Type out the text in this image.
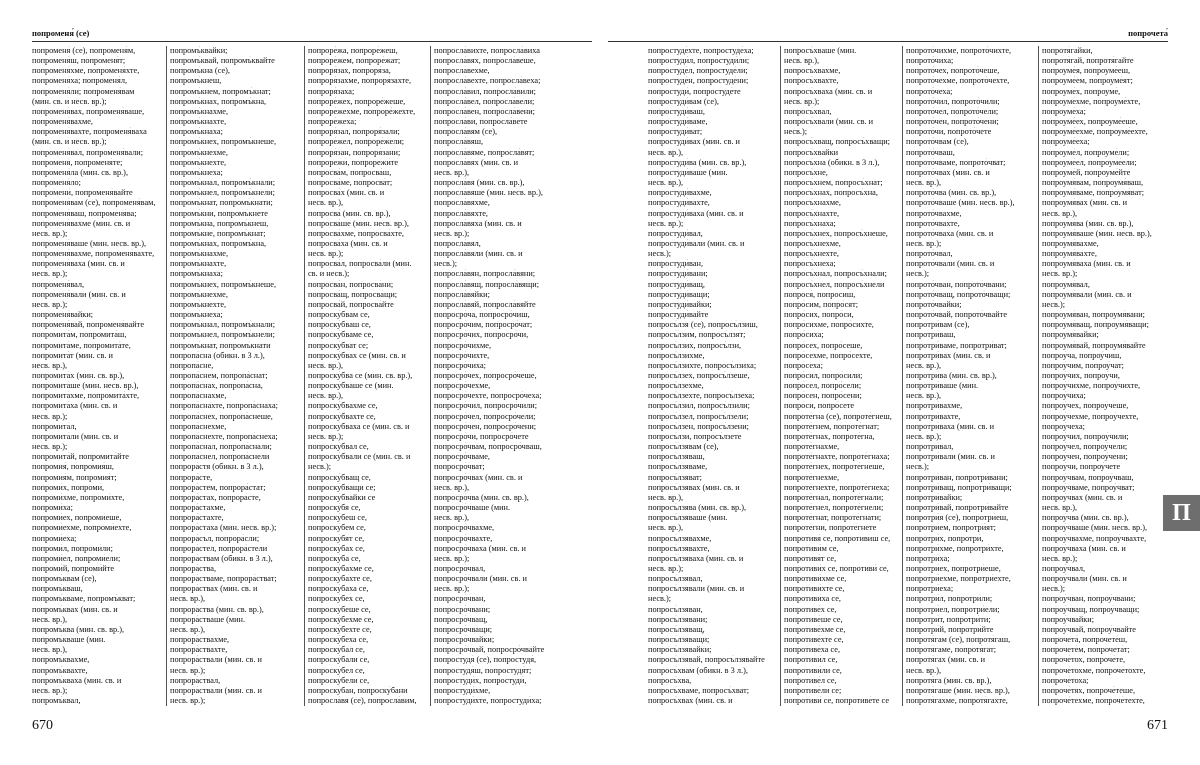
попроменя́ (се)
попроменя́ (се), попроменя́м,
попроменя́ш, попроменя́т;
попроменя́хме, попроменя́хте,
попроменя́ха; попроменя́л,
попроменя́ли; попроменя́вам
(мин. св. и несв. вр.);
попроменя́вах, попроменя́ваше,
попроменя́вахме,
попроменя́вахте, попроменя́ваха
(мин. св. и несв. вр.);
попроменя́вал, попроменя́вали;
попроменя́, попроменя́те;
попроменя́ла (мин. св. вр.),
попроменя́ло;
попромени́, попроменя́вайте
попроменя́вам (се), попроменя́вам,
попроменя́ваш, попроменя́ва;
попроменя́вахме (мин. св. и
несв. вр.);
попроменя́ваше (мин. несв. вр.),
попроменя́вахме, попроменя́вахте,
попроменя́ваха (мин. св. и
несв. вр.);
попроменя́вал,
попроменя́вали (мин. св. и
несв. вр.);
попроменя́вайки;
попроменя́вай, попроменя́вайте
попромита́м, попромита́ш,
попромита́ме, попромита́те,
попромита́т (мин. св. и
несв. вр.),
попромита́х (мин. св. вр.),
попромита́ше (мин. несв. вр.),
попромита́хме, попромита́хте,
попромита́ха (мин. св. и
несв. вр.);
попромита́л,
попромита́ли (мин. св. и
несв. вр.);
попромита́й, попромита́йте
попромия́, попромия́ш,
попромия́м, попромия́т;
попроми́х, попроми́,
попроми́хме, попроми́хте,
попроми́ха;
попроми́ех, попроми́еше,
попроми́ехме, попроми́ехте,
попроми́еха;
попроми́л, попроми́ли;
попроми́ел, попроми́ели;
попроми́й, попроми́йте
попромъ́квам (се),
попромъ́кваш,
попромъ́кваме, попромъ́кват;
попромъ́квах (мин. св. и
несв. вр.),
попромъ́ква (мин. св. вр.),
попромъ́кваше (мин.
несв. вр.),
попромъ́квахме,
попромъ́квахте,
попромъ́кваха (мин. св. и
несв. вр.);
попромъ́квал,
попромъ́квайки;
попромъ́квай, попромъ́квайте
попромъ́кна (се),
попромъ́кнеш,
попромъ́кнем, попромъ́кнат;
попромъ́кнах, попромъ́кна,
попромъ́кнахме,
попромъ́кнахте,
попромъ́кнаха;
попромъ́кнех, попромъ́кнеше,
попромъ́кнехме,
попромъ́кнехте,
попромъ́кнеха;
попромъ́кнал, попромъ́кнали;
попромъ́кнел, попромъ́кнели;
попромъ́кнат, попромъ́кнати;
попромъ́кни, попромъ́кнете
попромъ́кна, попромъ́кнеш,
попромъ́кне, попромъ́кнат;
попромъ́кнах, попромъ́кна,
попромъ́кнахме,
попромъ́кнахте,
попромъ́кнаха;
попромъ́кнех, попромъ́кнеше,
попромъ́кнехме,
попромъ́кнехте,
попромъ́кнеха;
попромъ́кнал, попромъ́кнали;
попромъ́кнел, попромъ́кнели;
попромъ́кнат, попромъ́кнати
попропа́сна (обикн. в 3 л.),
попропа́сне,
попропа́снем, попропа́снат;
попропа́снах, попропа́сна,
попропа́снахме,
попропа́снахте, попропа́снаха;
попропа́снех, попропа́снеше,
попропа́снехме,
попропа́снехте, попропа́снеха;
попропа́снал, попропа́снали;
попропа́снел, попропа́снели
попрора́стя (обикн. в 3 л.),
попрора́сте,
попрора́стем, попрора́стат;
попрора́стах, попрора́сте,
попрора́стахме,
попрора́стахте,
попрора́стаха (мин. несв. вр.);
попрора́съл, попрора́сли;
попрора́стел, попрора́стели
попрора́ствам (обикн. в 3 л.),
попрора́ства,
попрора́стваме, попрора́стват;
попрора́ствах (мин. св. и
несв. вр.),
попрора́ства (мин. св. вр.),
попрора́стваше (мин.
несв. вр.),
попрора́ствахме,
попрора́ствахте,
попрора́ствали (мин. св. и
несв. вр.);
попрора́ствал,
попрора́ствали (мин. св. и
несв. вр.);
попроре́жа, попроре́жеш,
попроре́жем, попроре́жат;
попроря́зах, попроря́за,
попроря́захме, попроря́захте,
попроря́заха;
попроре́жех, попроре́жеше,
попроре́жехме, попроре́жехте,
попроре́жеха;
попроря́зал, попроря́зали;
попроре́жел, попроре́жели;
попроря́зан, попроря́зани;
попрорежи́, попрорежи́те
попросва́м, попросва́ш,
попросва́ме, попросва́т;
попросва́х (мин. св. и
несв. вр.),
попросва́ (мин. св. вр.),
попросва́ше (мин. несв. вр.),
попросва́хме, попросва́хте,
попросва́ха (мин. св. и
несв. вр.);
попросва́л, попросва́ли (мин.
св. и несв.);
попросва́н, попросва́ни;
попросва́щ, попросва́щи;
попросва́й, попросва́йте
попроску́бвам се,
попроску́бваш се,
попроску́бваме се,
попроску́бват се;
попроску́бвах се (мин. св. и
несв. вр.),
попроску́бва се (мин. св. вр.),
попроску́бваше се (мин.
несв. вр.),
попроску́бвахме се,
попроску́бвахте се,
попроску́бваха се (мин. св. и
несв. вр.);
попроску́бвал се,
попроску́бвали се (мин. св. и
несв.);
попроску́бващ се,
попроску́бващи се;
попроску́бвайки се
попроску́бя се,
попроску́беш се,
попроску́бем се,
попроску́бят се,
попроску́бах се,
попроску́ба се,
попроску́бахме се,
попроску́бахте се,
попроску́баха се,
попроску́бех се,
попроску́беше се,
попроску́бехме се,
попроску́бехте се,
попроску́беха се,
попроску́бал се,
попроску́бали се,
попроску́бел се,
попроску́бели се,
попроску́бан, попроску́бани
попросла́вя (се), попросла́вим,
попросла́вихте, попросла́виха
попросла́вях, попросла́веше,
попросла́вехме,
попросла́вехте, попросла́веха;
попросла́вил, попросла́вили;
попросла́вел, попросла́вели;
попросла́вен, попросла́вени;
попросла́ви, попросла́вете
попросла́вям (се),
попросла́вяш,
попросла́вяме, попросла́вят;
попросла́вях (мин. св. и
несв. вр.),
попросла́вя (мин. св. вр.),
попросла́вяше (мин. несв. вр.),
попросла́вяхме,
попросла́вяхте,
попросла́вяха (мин. св. и
несв. вр.);
попросла́вял,
попросла́вяли (мин. св. и
несв.);
попросла́вян, попросла́вяни;
попросла́вящ, попросла́вящи;
попросла́вяйки;
попросла́вяй, попросла́вяйте
попросро́ча, попросро́чиш,
попросро́чим, попросро́чат;
попросро́чих, попросро́чи,
попросро́чихме,
попросро́чихте,
попросро́чиха;
попросро́чех, попросро́чеше,
попросро́чехме,
попросро́чехте, попросро́чеха;
попросро́чил, попросро́чили;
попросро́чел, попросро́чели;
попросро́чен, попросро́чени;
попросро́чи, попросро́чете
попросро́чвам, попросро́чваш,
попросро́чваме,
попросро́чват;
попросро́чвах (мин. св. и
несв. вр.),
попросро́чва (мин. св. вр.),
попросро́чваше (мин.
несв. вр.),
попросро́чвахме,
попросро́чвахте,
попросро́чваха (мин. св. и
несв. вр.);
попросро́чвал,
попросро́чвали (мин. св. и
несв. вр.);
попросро́чван,
попросро́чвани;
попросро́чващ,
попросро́чващи;
попросро́чвайки;
попросро́чвай, попросро́чвайте
попростудя́ (се), попростудя́,
попростудя́ш, попростудя́т;
попростуди́х, попростуди́,
попростуди́хме,
попростуди́хте, попростуди́ха;
670
попрочета́
попростуде́хте, попростуде́ха;
попростуди́л, попростуди́ли;
попростуде́л, попростуде́ли;
попростуде́н, попростуде́ни;
попростуди́, попростуде́те
попростуди́вам (се),
попростуди́ваш,
попростуди́ваме,
попростуди́ват;
попростуди́вах (мин. св. и
несв. вр.),
попростуди́ва (мин. св. вр.),
попростуди́ваше (мин.
несв. вр.),
попростуди́вахме,
попростуди́вахте,
попростуди́ваха (мин. св. и
несв. вр.);
попростуди́вал,
попростуди́вали (мин. св. и
несв.);
попростуди́ван,
попростуди́вани;
попростуди́ващ,
попростуди́ващи;
попростуди́вайки;
попростуди́вайте
попросъ́лзя (се), попросъ́лзиш,
попросъ́лзим, попросъ́лзят;
попросъ́лзих, попросъ́лзи,
попросъ́лзихме,
попросъ́лзихте, попросъ́лзиха;
попросъ́лзех, попросъ́лзеше,
попросъ́лзехме,
попросъ́лзехте, попросъ́лзеха;
попросъ́лзил, попросъ́лзили;
попросъ́лзел, попросъ́лзели;
попросъ́лзен, попросъ́лзени;
попросъ́лзи, попросъ́лзете
попросъ́лзявам (се),
попросъ́лзяваш,
попросъ́лзяваме,
попросъ́лзяват;
попросъ́лзявах (мин. св. и
несв. вр.),
попросъ́лзява (мин. св. вр.),
попросъ́лзяваше (мин.
несв. вр.),
попросъ́лзявахме,
попросъ́лзявахте,
попросъ́лзяваха (мин. св. и
несв. вр.);
попросъ́лзявал,
попросъ́лзявали (мин. св. и
несв.);
попросъ́лзяван,
попросъ́лзявани;
попросъ́лзяващ,
попросъ́лзяващи;
попросъ́лзявайки;
попросъ́лзявай, попросъ́лзявайте
попросъ́хвам (обикн. в 3 л.),
попросъ́хва,
попросъ́хваме, попросъ́хват;
попросъ́хвах (мин. св. и
попросъ́хваше (мин.
несв. вр.),
попросъ́хвахме,
попросъ́хвахте,
попросъ́хваха (мин. св. и
несв. вр.);
попросъ́хвал,
попросъ́хвали (мин. св. и
несв.);
попросъ́хващ, попросъ́хващи;
попросъ́хвайки
попросъ́хна (обикн. в 3 л.),
попросъ́хне,
попросъ́хнем, попросъ́хнат;
попросъ́хнах, попросъ́хна,
попросъ́хнахме,
попросъ́хнахте,
попросъ́хнаха;
попросъ́хнех, попросъ́хнеше,
попросъ́хнехме,
попросъ́хнехте,
попросъ́хнеха;
попросъ́хнал, попросъ́хнали;
попросъ́хнел, попросъ́хнели
попрося́, попросиш,
попро́сим, попро́сят;
попро́сих, попро́си,
попро́сихме, попро́сихте,
попро́сиха;
попро́сех, попро́сеше,
попро́сехме, попро́сехте,
попро́сеха;
попро́сил, попро́сили;
попро́сел, попро́сели;
попро́сен, попро́сени;
попро́си, попро́сете
попроте́гна (се), попроте́гнеш,
попроте́гнем, попроте́гнат;
попроте́гнах, попроте́гна,
попроте́гнахме,
попроте́гнахте, попроте́гнаха;
попроте́гнех, попроте́гнеше,
попроте́гнехме,
попроте́гнехте, попроте́гнеха;
попроте́гнал, попроте́гнали;
попроте́гнел, попроте́гнели;
попроте́гнат, попроте́гнати;
попроте́гни, попроте́гнете
попротивя́ се, попротивиш се,
попротиви́м се,
попротивя́т се,
попротиви́х се, попротиви́ се,
попротиви́хме се,
попротиви́хте се,
попротиви́ха се,
попротиве́х се,
попротиве́ше се,
попротиве́хме се,
попротиве́хте се,
попротиве́ха се,
попротиви́л се,
попротиви́ли се,
попротиве́л се,
попротиве́ли се;
попротиви́ се, попротиве́те се
попрото́чихме, попрото́чихте,
попрото́чиха;
попрото́чех, попрото́чеше,
попрото́чехме, попрото́чехте,
попрото́чеха;
попрото́чил, попрото́чили;
попрото́чел, попрото́чели;
попрото́чен, попрото́чени;
попрото́чи, попрото́чете
попрото́чвам (се),
попрото́чваш,
попрото́чваме, попрото́чват;
попрото́чвах (мин. св. и
несв. вр.),
попрото́чва (мин. св. вр.),
попрото́чваше (мин. несв. вр.),
попрото́чвахме,
попрото́чвахте,
попрото́чваха (мин. св. и
несв. вр.);
попрото́чвал,
попрото́чвали (мин. св. и
несв.);
попрото́чван, попрото́чвани;
попрото́чващ, попрото́чващи;
попрото́чвайки;
попрото́чвай, попрото́чвайте
попротри́вам (се),
попротри́ваш,
попротри́ваме, попротри́ват;
попротри́вах (мин. св. и
несв. вр.),
попротри́ва (мин. св. вр.),
попротри́ваше (мин.
несв. вр.),
попротри́вахме,
попротри́вахте,
попротри́ваха (мин. св. и
несв. вр.);
попротри́вал,
попротри́вали (мин. св. и
несв.);
попротри́ван, попротри́вани;
попротри́ващ, попротри́ващи;
попротри́вайки;
попротри́вай, попротри́вайте
попротри́я (се), попротри́еш,
попротри́ем, попротри́ят;
попротри́х, попротри́,
попротри́хме, попротри́хте,
попротри́ха;
попротри́ех, попротри́еше,
попротри́ехме, попротри́ехте,
попротри́еха;
попротри́л, попротри́ли;
попротри́ел, попротри́ели;
попротри́т, попротри́ти;
попротри́й, попротри́йте
попротя́гам (се), попротя́гаш,
попротя́гаме, попротя́гат;
попротя́гах (мин. св. и
несв. вр.),
попротя́га (мин. св. вр.),
попротя́гаше (мин. несв. вр.),
попротя́гахме, попротя́гахте,
попротя́гайки,
попротя́гай, попротя́гайте
попроуме́я, попроуме́еш,
попроуме́ем, попроуме́ят;
попроуме́х, попроуме́,
попроуме́хме, попроуме́хте,
попроуме́ха;
попроуме́ех, попроуме́еше,
попроуме́ехме, попроуме́ехте,
попроуме́еха;
попроуме́л, попроуме́ли;
попроуме́ел, попроуме́ели;
попроуме́й, попроуме́йте
попроумя́вам, попроумя́ваш,
попроумя́ваме, попроумя́ват;
попроумя́вах (мин. св. и
несв. вр.),
попроумя́ва (мин. св. вр.),
попроумя́ваше (мин. несв. вр.),
попроумя́вахме,
попроумя́вахте,
попроумя́ваха (мин. св. и
несв. вр.);
попроумя́вал,
попроумя́вали (мин. св. и
несв.);
попроумя́ван, попроумя́вани;
попроумя́ващ, попроумя́ващи;
попроумя́вайки;
попроумя́вай, попроумя́вайте
попроу́ча, попроу́чиш,
попроу́чим, попроу́чат;
попроу́чих, попроу́чи,
попроу́чихме, попроу́чихте,
попроу́чиха;
попроу́чех, попроу́чеше,
попроу́чехме, попроу́чехте,
попроу́чеха;
попроу́чил, попроу́чили;
попроу́чел, попроу́чели;
попроу́чен, попроу́чени;
попроу́чи, попроу́чете
попроу́чвам, попроу́чваш,
попроу́чваме, попроу́чват;
попроу́чвах (мин. св. и
несв. вр.),
попроу́чва (мин. св. вр.),
попроу́чваше (мин. несв. вр.),
попроу́чвахме, попроу́чвахте,
попроу́чваха (мин. св. и
несв. вр.);
попроу́чвал,
попроу́чвали (мин. св. и
несв.);
попроу́чван, попроу́чвани;
попроу́чващ, попроу́чващи;
попроу́чвайки;
попроу́чвай, попроу́чвайте
попрочета́, попрочете́ш,
попрочете́м, попрочета́т;
попроче́тох, попроче́те,
попроче́тохме, попроче́тохте,
попроче́тоха;
попроче́тях, попроче́теше,
попроче́техме, попроче́техте,
671
П
